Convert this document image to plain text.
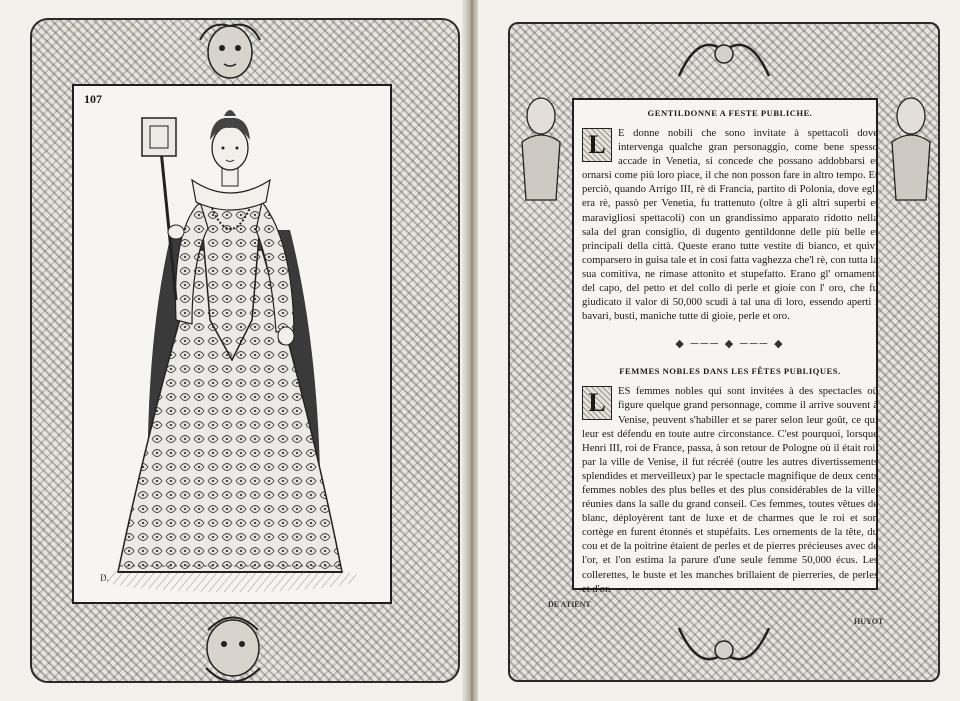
107
D.
HUYOT
DE ATIENT
GENTILDONNE A FESTE PUBLICHE.

L	E donne nobili che sono invitate à spettacoli dove intervenga qualche gran personaggio, come bene spesso accade in Venetia, si concede che possano addobbarsi et ornarsi come più loro piace, il che non posson fare in altro tempo. Et perciò, quando Arrigo III, rè di Francia, partito di Polonia, dove egli era rè, passò per Venetia, fu trattenuto (oltre à gli altri superbi et maravigliosi spettacoli) con un grandissimo apparato ridotto nella sala del gran consiglio, di dugento gentildonne delle più belle et principali della città. Queste erano tutte vestite di bianco, et quivi comparsero in guisa tale et in cosi fatta vaghezza che'l rè, con tutta la sua comitiva, ne rimase attonito et stupefatto. Erano gl' ornamenti del capo, del petto et del collo di perle et gioie con l' oro, che fu giudicato il valor di 50,000 scudi à tal una di loro, essendo aperti i bavari, busti, maniche tutte di gioie, perle et oro.

◆ ─── ◆ ─── ◆
FEMMES NOBLES DANS LES FÊTES PUBLIQUES.

L	ES femmes nobles qui sont invitées à des spectacles où figure quelque grand personnage, comme il arrive souvent à Venise, peuvent s'habiller et se parer selon leur goût, ce qui leur est défendu en toute autre circonstance. C'est pourquoi, lorsque Henri III, roi de France, passa, à son retour de Pologne où il était roi, par la ville de Venise, il fut récréé (outre les autres divertissements splendides et merveilleux) par le spectacle magnifique de deux cents femmes nobles des plus belles et des plus considérables de la ville, réunies dans la salle du grand conseil. Ces femmes, toutes vêtues de blanc, déployèrent tant de luxe et de charmes que le roi et son cortège en furent étonnés et stupéfaits. Les ornements de la tête, du cou et de la poitrine étaient de perles et de pierres précieuses avec de l'or, et l'on estima la parure d'une seule femme 50,000 écus. Les collerettes, le buste et les manches brillaient de pierreries, de perles et d'or.
